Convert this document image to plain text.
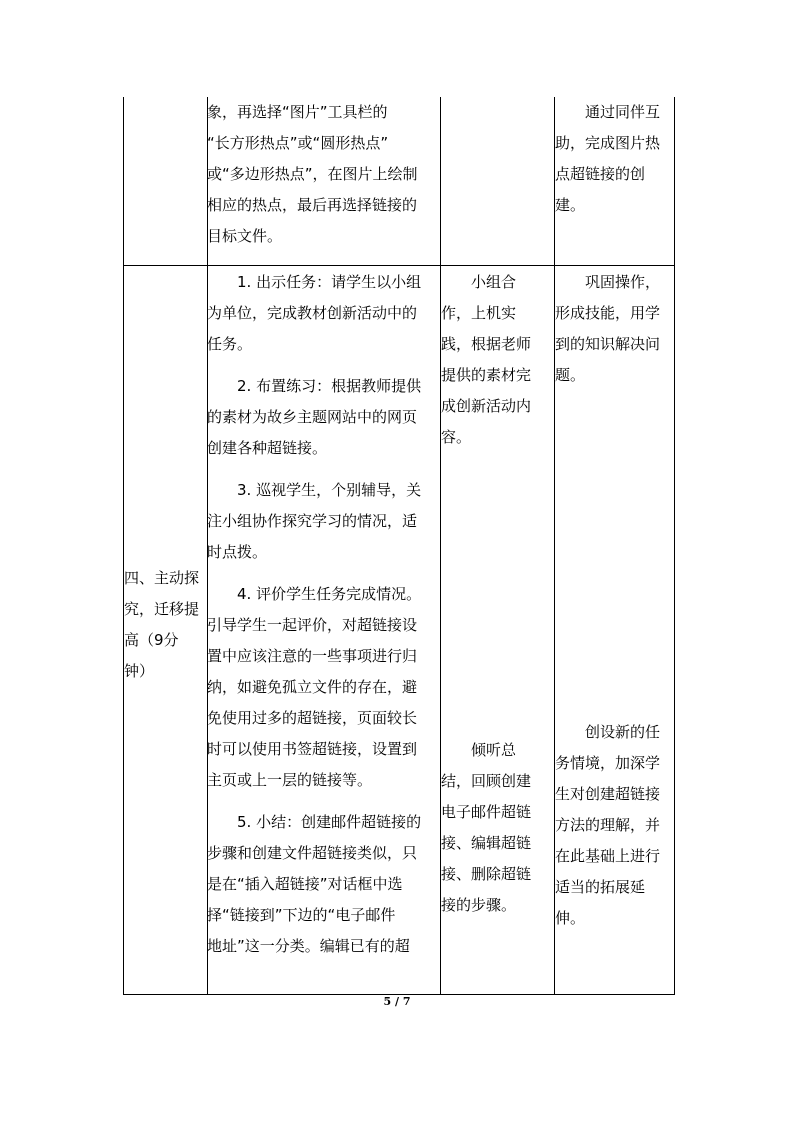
象，再选择“图片”工具栏的

“长方形热点”或“圆形热点”

或“多边形热点”，在图片上绘制

相应的热点，最后再选择链接的

目标文件。

通过同伴互

助，完成图片热

点超链接的创

建。

四、主动探

究，迁移提

高（9分

钟）

1. 出示任务：请学生以小组

为单位，完成教材创新活动中的

任务。

2. 布置练习：根据教师提供

的素材为故乡主题网站中的网页

创建各种超链接。

3. 巡视学生，个别辅导，关

注小组协作探究学习的情况，适

时点拨。

4. 评价学生任务完成情况。

引导学生一起评价，对超链接设

置中应该注意的一些事项进行归

纳，如避免孤立文件的存在，避

免使用过多的超链接，页面较长

时可以使用书签超链接，设置到

主页或上一层的链接等。

5. 小结：创建邮件超链接的

步骤和创建文件超链接类似，只

是在“插入超链接”对话框中选

择“链接到”下边的“电子邮件

地址”这一分类。编辑已有的超

小组合

作，上机实

践，根据老师

提供的素材完

成创新活动内

容。

倾听总

结，回顾创建

电子邮件超链

接、编辑超链

接、删除超链

接的步骤。

巩固操作，

形成技能，用学

到的知识解决问

题。

创设新的任

务情境，加深学

生对创建超链接

方法的理解，并

在此基础上进行

适当的拓展延

伸。

5 / 7
